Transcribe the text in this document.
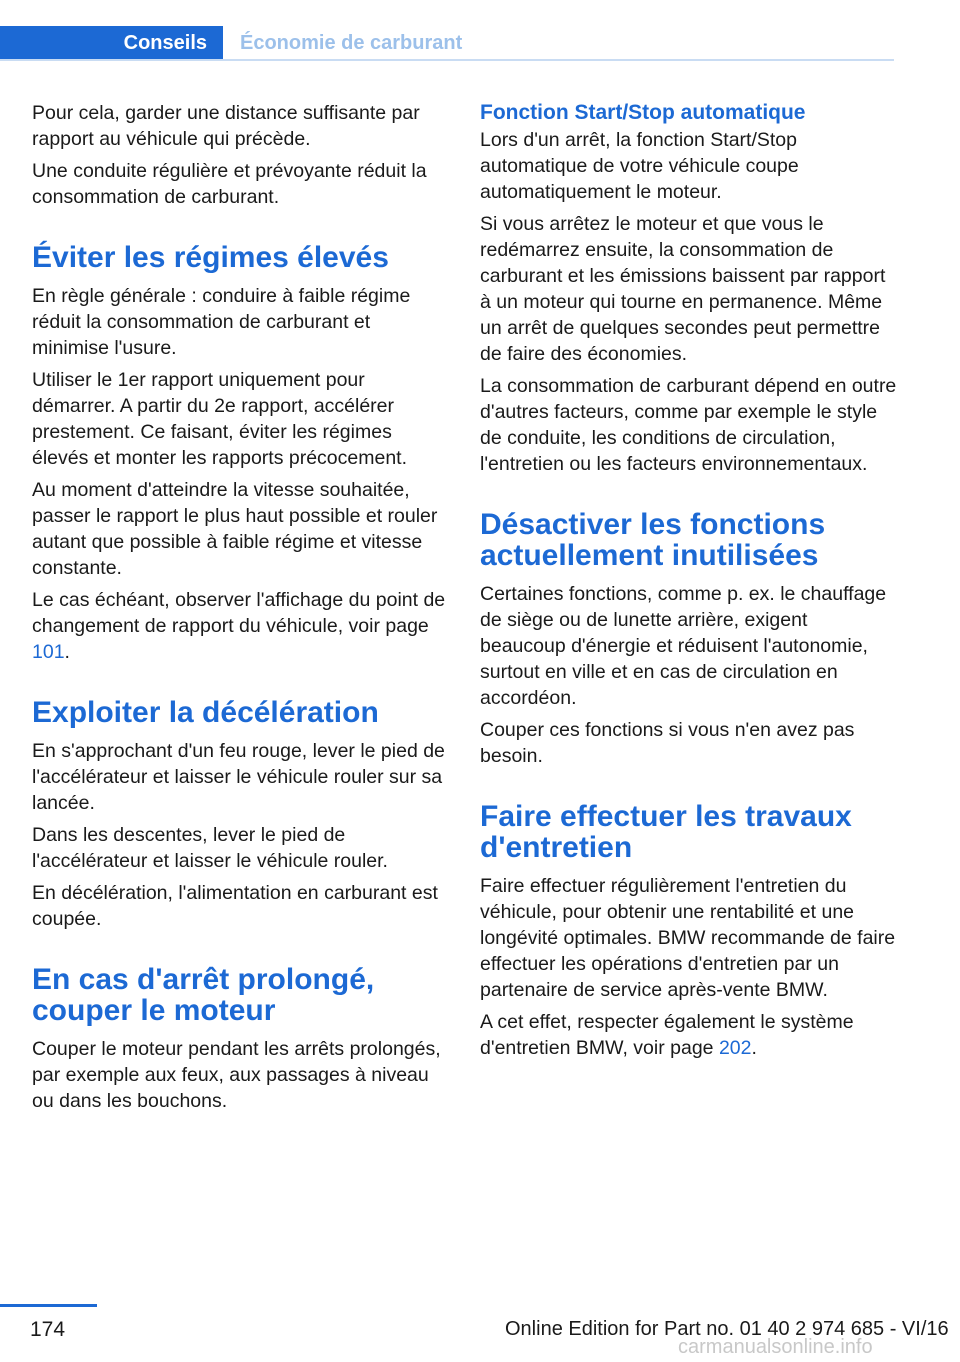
Conseils Économie de carburant

Pour cela, garder une distance suffisante par rapport au véhicule qui précède.

Une conduite régulière et prévoyante réduit la consommation de carburant.

Éviter les régimes élevés

En règle générale : conduire à faible régime réduit la consommation de carburant et minimise l'usure.

Utiliser le 1er rapport uniquement pour démarrer. A partir du 2e rapport, accélérer prestement. Ce faisant, éviter les régimes élevés et monter les rapports précocement.

Au moment d'atteindre la vitesse souhaitée, passer le rapport le plus haut possible et rouler autant que possible à faible régime et vitesse constante.

Le cas échéant, observer l'affichage du point de changement de rapport du véhicule, voir page 101.

Exploiter la décélération

En s'approchant d'un feu rouge, lever le pied de l'accélérateur et laisser le véhicule rouler sur sa lancée.

Dans les descentes, lever le pied de l'accélérateur et laisser le véhicule rouler.

En décélération, l'alimentation en carburant est coupée.

En cas d'arrêt prolongé, couper le moteur

Couper le moteur pendant les arrêts prolongés, par exemple aux feux, aux passages à niveau ou dans les bouchons.

Fonction Start/Stop automatique

Lors d'un arrêt, la fonction Start/Stop automatique de votre véhicule coupe automatiquement le moteur.

Si vous arrêtez le moteur et que vous le redémarrez ensuite, la consommation de carburant et les émissions baissent par rapport à un moteur qui tourne en permanence. Même un arrêt de quelques secondes peut permettre de faire des économies.

La consommation de carburant dépend en outre d'autres facteurs, comme par exemple le style de conduite, les conditions de circulation, l'entretien ou les facteurs environnementaux.

Désactiver les fonctions actuellement inutilisées

Certaines fonctions, comme p. ex. le chauffage de siège ou de lunette arrière, exigent beaucoup d'énergie et réduisent l'autonomie, surtout en ville et en cas de circulation en accordéon.

Couper ces fonctions si vous n'en avez pas besoin.

Faire effectuer les travaux d'entretien

Faire effectuer régulièrement l'entretien du véhicule, pour obtenir une rentabilité et une longévité optimales. BMW recommande de faire effectuer les opérations d'entretien par un partenaire de service après-vente BMW.

A cet effet, respecter également le système d'entretien BMW, voir page 202.

174	Online Edition for Part no. 01 40 2 974 685 - VI/16
carmanualsonline.info
